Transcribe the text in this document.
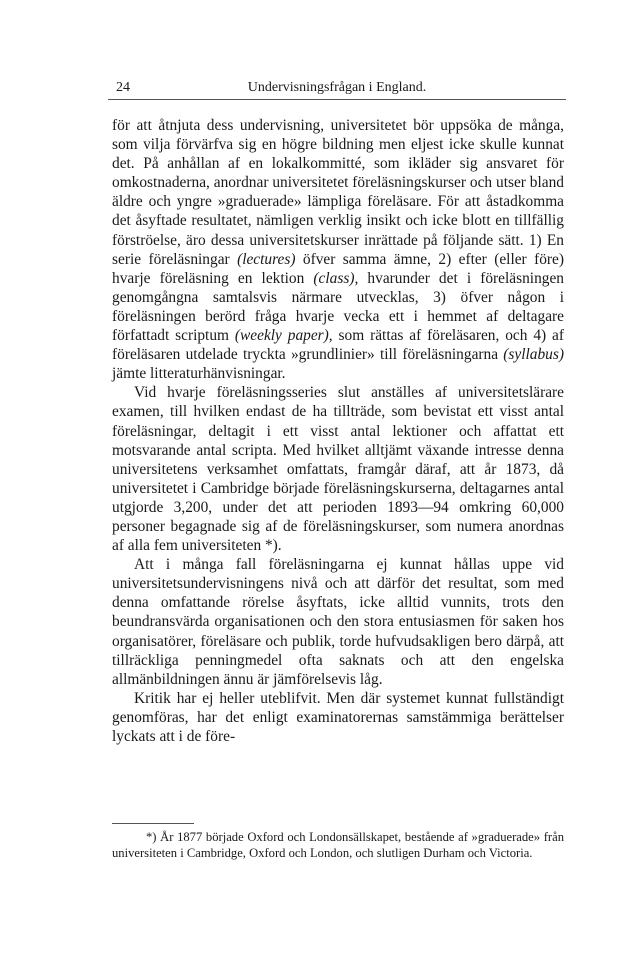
24	Undervisningsfrågan i England.

för att åtnjuta dess undervisning, universitetet bör uppsöka de många, som vilja förvärfva sig en högre bildning men eljest icke skulle kunnat det. På anhållan af en lokalkommitté, som ikläder sig ansvaret för omkostnaderna, anordnar universitetet föreläsningskurser och utser bland äldre och yngre »graduerade» lämpliga föreläsare. För att åstadkomma det åsyftade resultatet, nämligen verklig insikt och icke blott en tillfällig förströelse, äro dessa universitetskurser inrättade på följande sätt. 1) En serie föreläsningar (lectures) öfver samma ämne, 2) efter (eller före) hvarje föreläsning en lektion (class), hvarunder det i föreläsningen genomgångna samtalsvis närmare utvecklas, 3) öfver någon i föreläsningen berörd fråga hvarje vecka ett i hemmet af deltagare författadt scriptum (weekly paper), som rättas af föreläsaren, och 4) af föreläsaren utdelade tryckta »grundlinier» till föreläsningarna (syllabus) jämte litteraturhänvisningar.

Vid hvarje föreläsningsseries slut anställes af universitetslärare examen, till hvilken endast de ha tillträde, som bevistat ett visst antal föreläsningar, deltagit i ett visst antal lektioner och affattat ett motsvarande antal scripta. Med hvilket alltjämt växande intresse denna universitetens verksamhet omfattats, framgår däraf, att år 1873, då universitetet i Cambridge började föreläsningskurserna, deltagarnes antal utgjorde 3,200, under det att perioden 1893—94 omkring 60,000 personer begagnade sig af de föreläsningskurser, som numera anordnas af alla fem universiteten *).

Att i många fall föreläsningarna ej kunnat hållas uppe vid universitetsundervisningens nivå och att därför det resultat, som med denna omfattande rörelse åsyftats, icke alltid vunnits, trots den beundransvärda organisationen och den stora entusiasmen för saken hos organisatörer, föreläsare och publik, torde hufvudsakligen bero därpå, att tillräckliga penningmedel ofta saknats och att den engelska allmänbildningen ännu är jämförelsevis låg.

Kritik har ej heller uteblifvit. Men där systemet kunnat fullständigt genomföras, har det enligt examinatorernas samstämmiga berättelser lyckats att i de före-

*) År 1877 började Oxford och Londonsällskapet, bestående af »graduerade» från universiteten i Cambridge, Oxford och London, och slutligen Durham och Victoria.
